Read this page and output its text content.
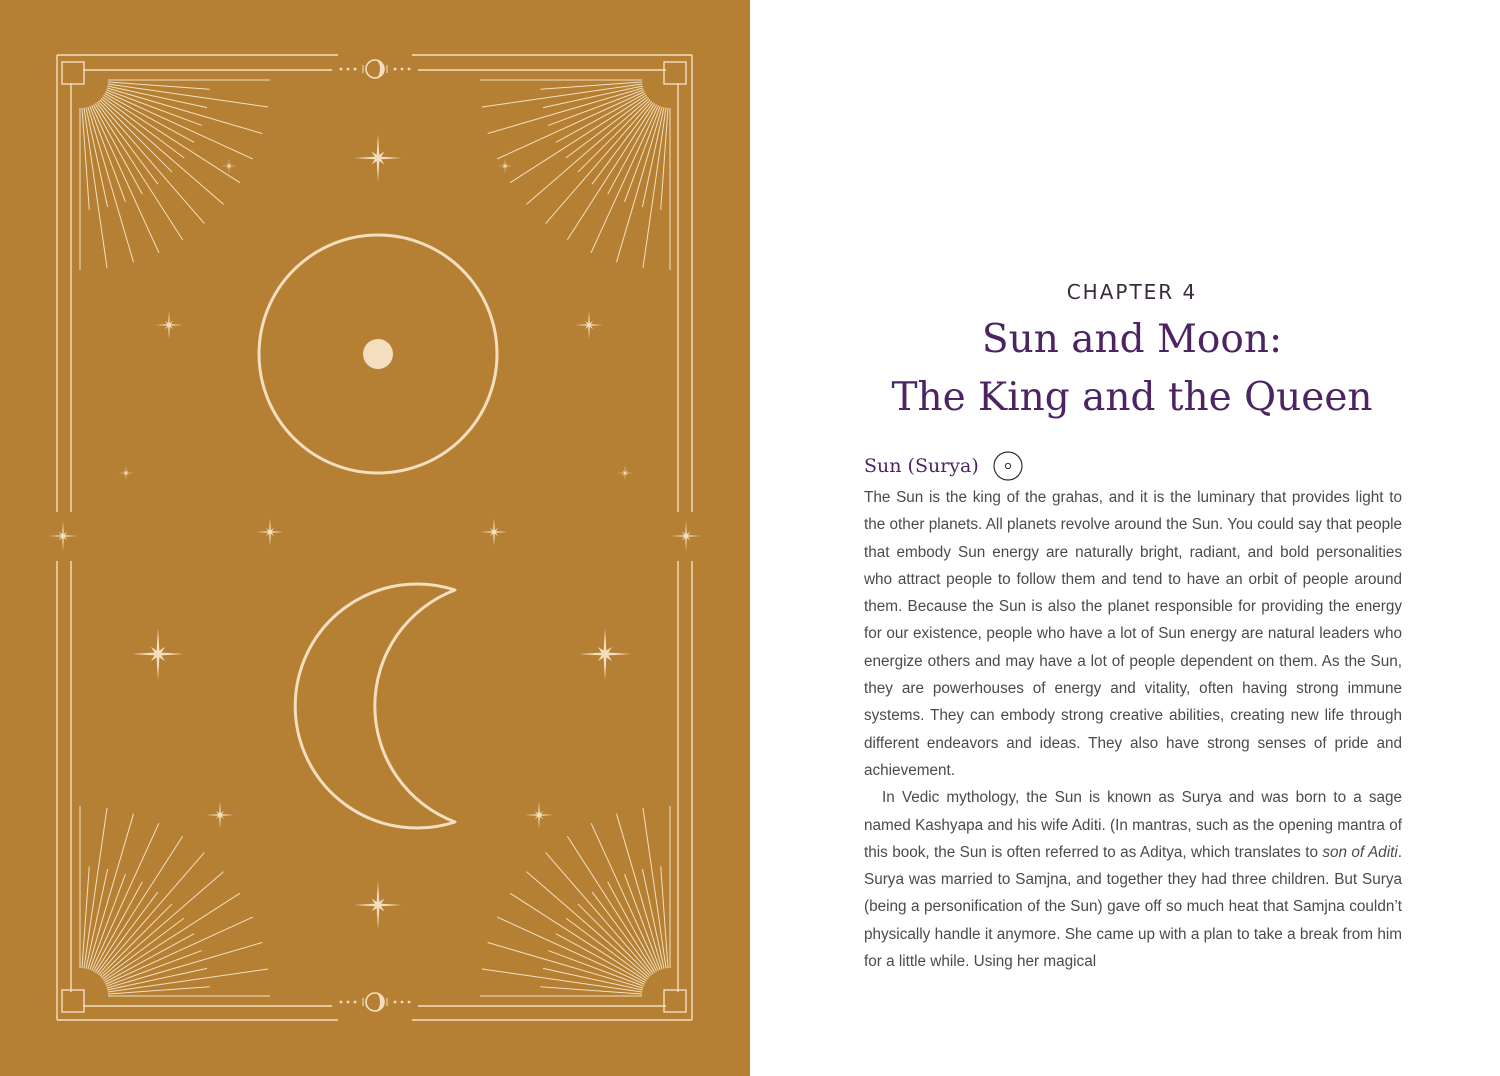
CHAPTER 4
Sun and Moon:
The King and the Queen
Sun (Surya)

The Sun is the king of the grahas, and it is the luminary that provides light to the other planets. All planets revolve around the Sun. You could say that people that embody Sun energy are naturally bright, radiant, and bold personalities who attract people to follow them and tend to have an orbit of people around them. Because the Sun is also the planet responsible for providing the energy for our existence, people who have a lot of Sun energy are natural leaders who energize others and may have a lot of people dependent on them. As the Sun, they are powerhouses of energy and vitality, often having strong immune systems. They can embody strong creative abilities, creating new life through different endeavors and ideas. They also have strong senses of pride and achievement.

In Vedic mythology, the Sun is known as Surya and was born to a sage named Kashyapa and his wife Aditi. (In mantras, such as the opening mantra of this book, the Sun is often referred to as Aditya, which translates to son of Aditi. Surya was married to Samjna, and together they had three children. But Surya (being a personification of the Sun) gave off so much heat that Samjna couldn’t physically handle it anymore. She came up with a plan to take a break from him for a little while. Using her magical
